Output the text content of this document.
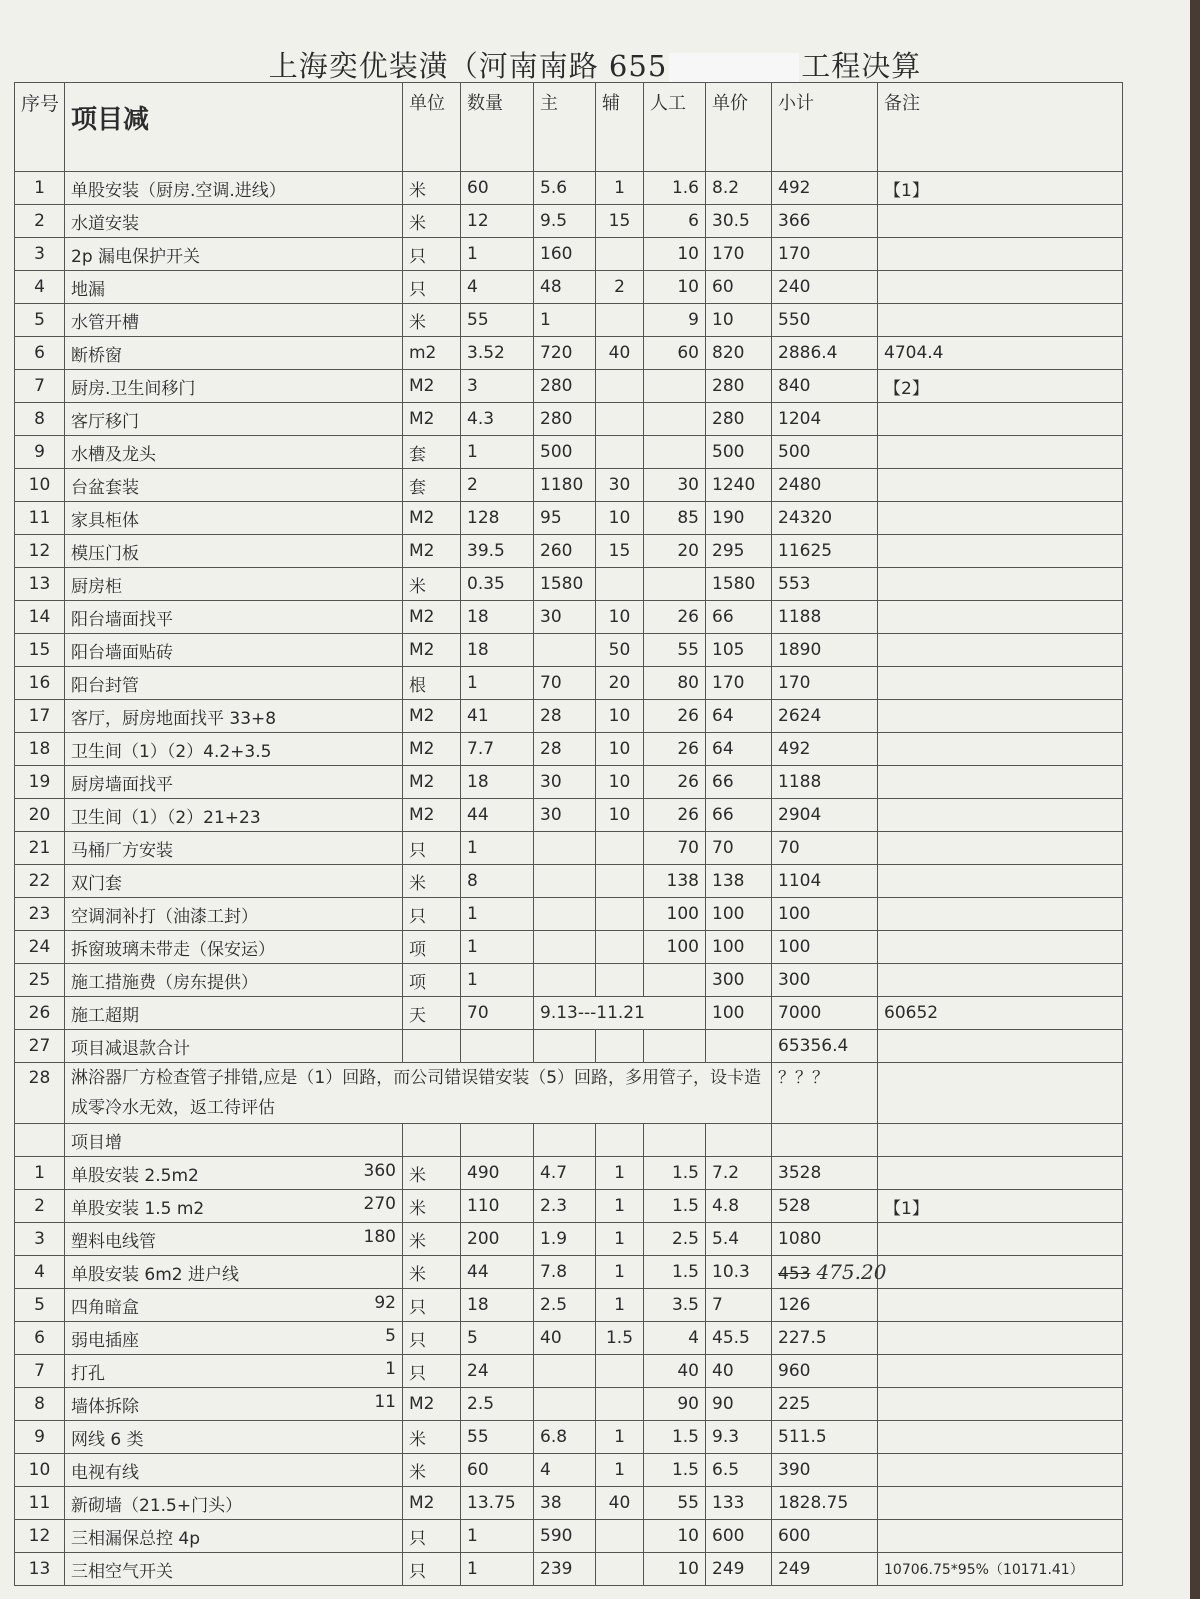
上海奕优装潢（河南南路 655	工程决算
序号	项目减	单位	数量	主	辅	人工	单价	小计	备注
1	单股安装（厨房.空调.进线）	米	60	5.6	1	1.6	8.2	492	【1】
2	水道安装	米	12	9.5	15	6	30.5	366	
3	2p 漏电保护开关	只	1	160		10	170	170	
4	地漏	只	4	48	2	10	60	240	
5	水管开槽	米	55	1		9	10	550	
6	断桥窗	m2	3.52	720	40	60	820	2886.4	4704.4
7	厨房.卫生间移门	M2	3	280			280	840	【2】
8	客厅移门	M2	4.3	280			280	1204	
9	水槽及龙头	套	1	500			500	500	
10	台盆套装	套	2	1180	30	30	1240	2480	
11	家具柜体	M2	128	95	10	85	190	24320	
12	模压门板	M2	39.5	260	15	20	295	11625	
13	厨房柜	米	0.35	1580			1580	553	
14	阳台墙面找平	M2	18	30	10	26	66	1188	
15	阳台墙面贴砖	M2	18		50	55	105	1890	
16	阳台封管	根	1	70	20	80	170	170	
17	客厅，厨房地面找平 33+8	M2	41	28	10	26	64	2624	
18	卫生间（1）（2）4.2+3.5	M2	7.7	28	10	26	64	492	
19	厨房墙面找平	M2	18	30	10	26	66	1188	
20	卫生间（1）（2）21+23	M2	44	30	10	26	66	2904	
21	马桶厂方安装	只	1			70	70	70	
22	双门套	米	8			138	138	1104	
23	空调洞补打（油漆工封）	只	1			100	100	100	
24	拆窗玻璃未带走（保安运）	项	1			100	100	100	
25	施工措施费（房东提供）	项	1				300	300	
26	施工超期	天	70	9.13---11.21			100	7000	60652
27	项目减退款合计							65356.4	
28	淋浴器厂方检查管子排错,应是（1）回路，而公司错误错安装（5）回路，多用管子，设卡造成零冷水无效，返工待评估							？？？	
	项目增								
1	单股安装 2.5m2 360	米	490	4.7	1	1.5	7.2	3528	
2	单股安装 1.5 m2 270	米	110	2.3	1	1.5	4.8	528	【1】
3	塑料电线管 180	米	200	1.9	1	2.5	5.4	1080	
4	单股安装 6m2 进户线	米	44	7.8	1	1.5	10.3	453 475.20	
5	四角暗盒 92	只	18	2.5	1	3.5	7	126	
6	弱电插座 5	只	5	40	1.5	4	45.5	227.5	
7	打孔 1	只	24			40	40	960	
8	墙体拆除 11	M2	2.5			90	90	225	
9	网线 6 类	米	55	6.8	1	1.5	9.3	511.5	
10	电视有线	米	60	4	1	1.5	6.5	390	
11	新砌墙（21.5+门头）	M2	13.75	38	40	55	133	1828.75	
12	三相漏保总控 4p	只	1	590		10	600	600	
13	三相空气开关	只	1	239		10	249	249	10706.75*95%（10171.41）
